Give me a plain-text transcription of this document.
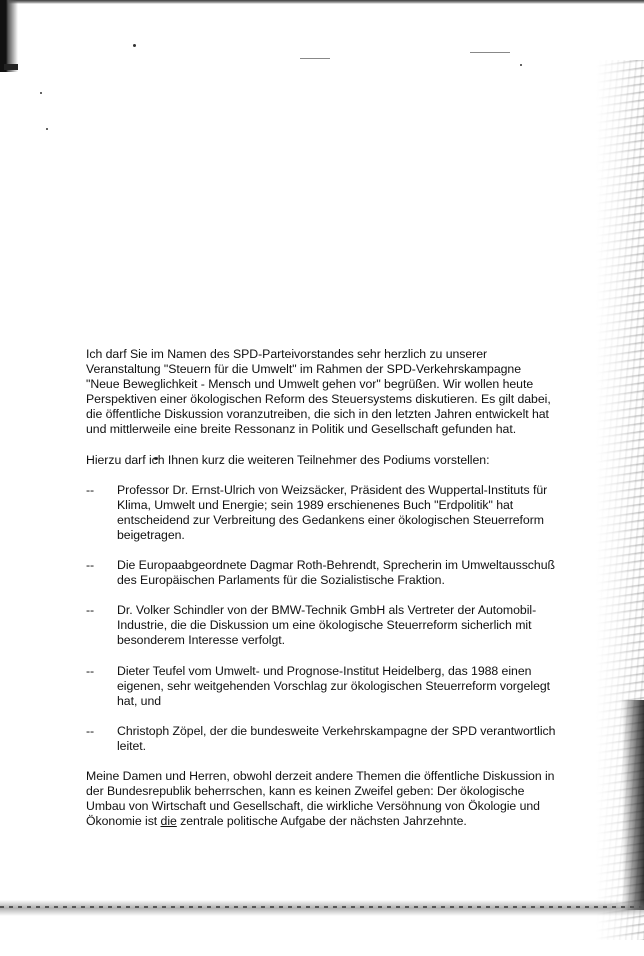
Ich darf Sie im Namen des SPD-Parteivorstandes sehr herzlich zu unserer Veranstaltung "Steuern für die Umwelt" im Rahmen der SPD-Verkehrskampagne "Neue Beweglichkeit - Mensch und Umwelt gehen vor" begrüßen. Wir wollen heute Perspektiven einer ökologischen Reform des Steuersystems diskutieren. Es gilt dabei, die öffentliche Diskussion voranzutreiben, die sich in den letzten Jahren entwickelt hat und mittlerweile eine breite Ressonanz in Politik und Gesellschaft gefunden hat.

Hierzu darf ich Ihnen kurz die weiteren Teilnehmer des Podiums vorstellen:

-- Professor Dr. Ernst-Ulrich von Weizsäcker, Präsident des Wuppertal-Instituts für Klima, Umwelt und Energie; sein 1989 erschienenes Buch "Erdpolitik" hat entscheidend zur Verbreitung des Gedankens einer ökologischen Steuerreform beigetragen.
-- Die Europaabgeordnete Dagmar Roth-Behrendt, Sprecherin im Umweltausschuß des Europäischen Parlaments für die Sozialistische Fraktion.
-- Dr. Volker Schindler von der BMW-Technik GmbH als Vertreter der Automobil-Industrie, die die Diskussion um eine ökologische Steuerreform sicherlich mit besonderem Interesse verfolgt.
-- Dieter Teufel vom Umwelt- und Prognose-Institut Heidelberg, das 1988 einen eigenen, sehr weitgehenden Vorschlag zur ökologischen Steuerreform vorgelegt hat, und
-- Christoph Zöpel, der die bundesweite Verkehrskampagne der SPD verantwortlich leitet.

Meine Damen und Herren, obwohl derzeit andere Themen die öffentliche Diskussion in der Bundesrepublik beherrschen, kann es keinen Zweifel geben: Der ökologische Umbau von Wirtschaft und Gesellschaft, die wirkliche Versöhnung von Ökologie und Ökonomie ist die zentrale politische Aufgabe der nächsten Jahrzehnte.
